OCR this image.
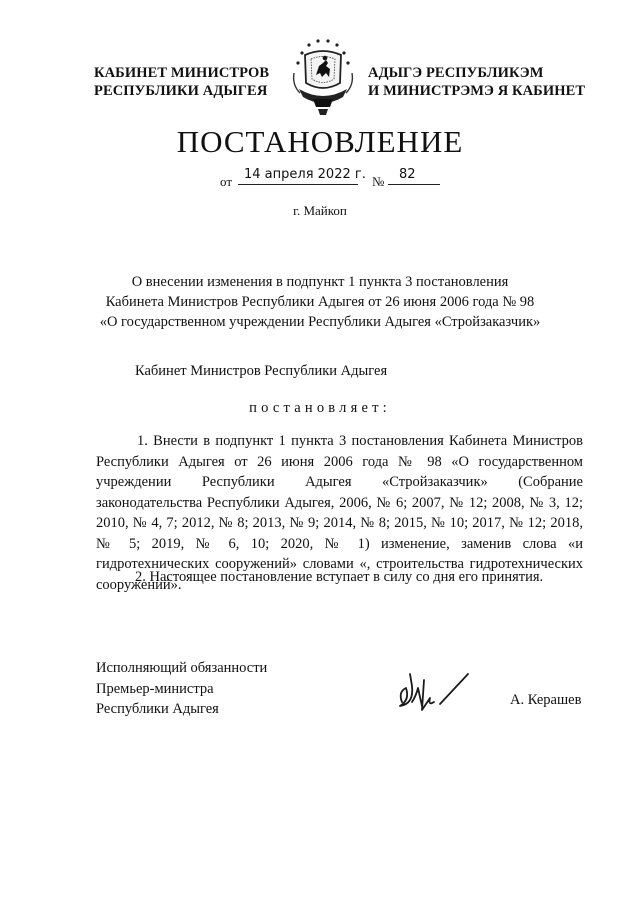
КАБИНЕТ МИНИСТРОВ
РЕСПУБЛИКИ АДЫГЕЯ
АДЫГЭ РЕСПУБЛИКЭМ
И МИНИСТРЭМЭ Я КАБИНЕТ
ПОСТАНОВЛЕНИЕ
от 14 апреля 2022 г. № 82
г. Майкоп
О внесении изменения в подпункт 1 пункта 3 постановления
Кабинета Министров Республики Адыгея от 26 июня 2006 года № 98
«О государственном учреждении Республики Адыгея «Стройзаказчик»
Кабинет Министров Республики Адыгея
постановляет:
1. Внести в подпункт 1 пункта 3 постановления Кабинета Министров Республики Адыгея от 26 июня 2006 года № 98 «О государственном учреждении Республики Адыгея «Стройзаказчик» (Собрание законодательства Республики Адыгея, 2006, № 6; 2007, № 12; 2008, № 3, 12; 2010, № 4, 7; 2012, № 8; 2013, № 9; 2014, № 8; 2015, № 10; 2017, № 12; 2018, № 5; 2019, № 6, 10; 2020, № 1) изменение, заменив слова «и гидротехнических сооружений» словами «, строительства гидротехнических сооружений».
2. Настоящее постановление вступает в силу со дня его принятия.
Исполняющий обязанности
Премьер-министра
Республики Адыгея
А. Керашев
